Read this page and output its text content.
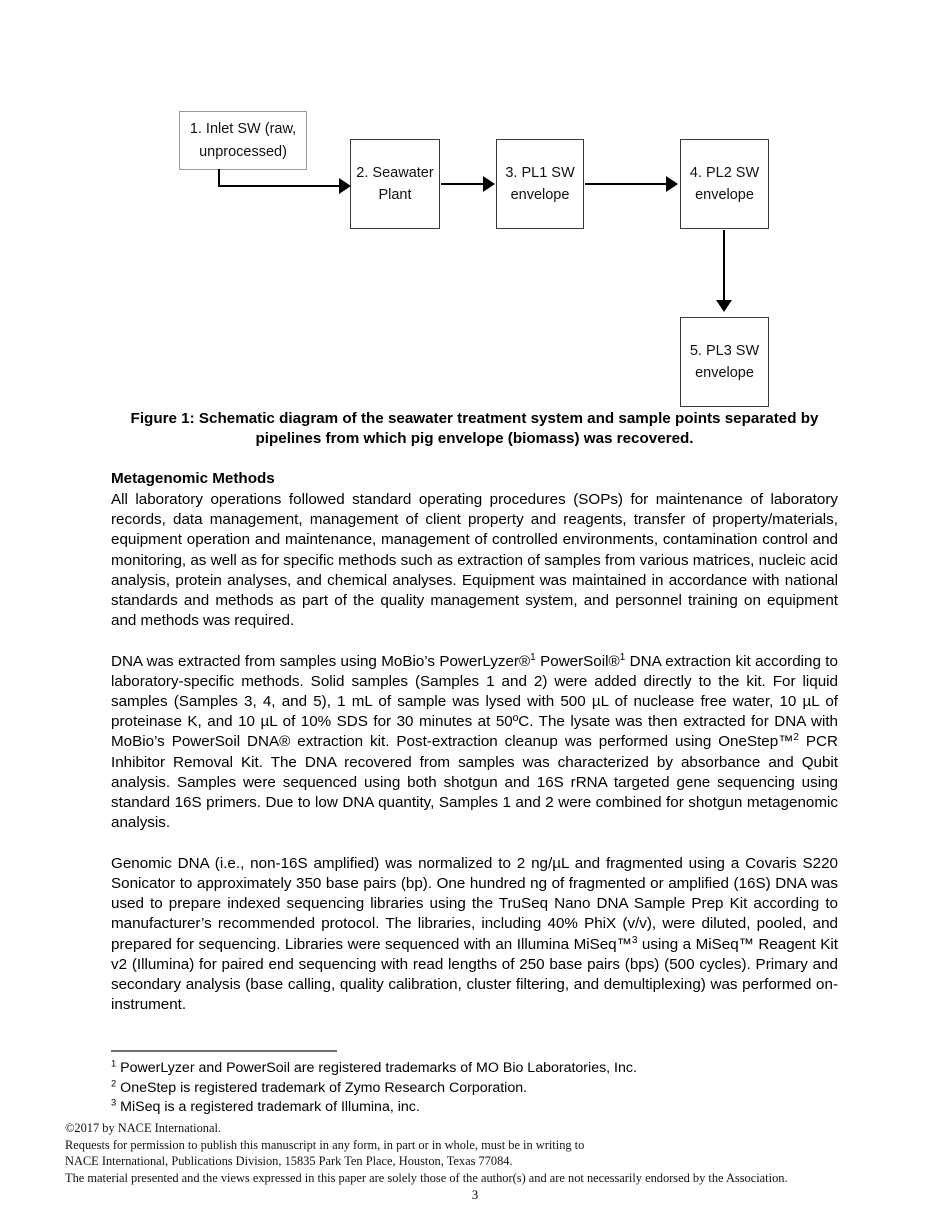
1. Inlet SW (raw, unprocessed)
2. Seawater Plant
3. PL1 SW envelope
4. PL2 SW envelope
5. PL3 SW envelope
Figure 1: Schematic diagram of the seawater treatment system and sample points separated by pipelines from which pig envelope (biomass) was recovered.
Metagenomic Methods

All laboratory operations followed standard operating procedures (SOPs) for maintenance of laboratory records, data management, management of client property and reagents, transfer of property/materials, equipment operation and maintenance, management of controlled environments, contamination control and monitoring, as well as for specific methods such as extraction of samples from various matrices, nucleic acid analysis, protein analyses, and chemical analyses. Equipment was maintained in accordance with national standards and methods as part of the quality management system, and personnel training on equipment and methods was required.

DNA was extracted from samples using MoBio’s PowerLyzer®$^1$ PowerSoil®$^1$ DNA extraction kit according to laboratory-specific methods. Solid samples (Samples 1 and 2) were added directly to the kit. For liquid samples (Samples 3, 4, and 5), 1 mL of sample was lysed with 500 µL of nuclease free water, 10 µL of proteinase K, and 10 µL of 10% SDS for 30 minutes at 50ºC. The lysate was then extracted for DNA with MoBio’s PowerSoil DNA® extraction kit. Post-extraction cleanup was performed using OneStep™$^2$ PCR Inhibitor Removal Kit. The DNA recovered from samples was characterized by absorbance and Qubit analysis. Samples were sequenced using both shotgun and 16S rRNA targeted gene sequencing using standard 16S primers. Due to low DNA quantity, Samples 1 and 2 were combined for shotgun metagenomic analysis.

Genomic DNA (i.e., non-16S amplified) was normalized to 2 ng/µL and fragmented using a Covaris S220 Sonicator to approximately 350 base pairs (bp). One hundred ng of fragmented or amplified (16S) DNA was used to prepare indexed sequencing libraries using the TruSeq Nano DNA Sample Prep Kit according to manufacturer’s recommended protocol. The libraries, including 40% PhiX (v/v), were diluted, pooled, and prepared for sequencing. Libraries were sequenced with an Illumina MiSeq™$^3$ using a MiSeq™ Reagent Kit v2 (Illumina) for paired end sequencing with read lengths of 250 base pairs (bps) (500 cycles). Primary and secondary analysis (base calling, quality calibration, cluster filtering, and demultiplexing) was performed on-instrument.

$^1$ PowerLyzer and PowerSoil are registered trademarks of MO Bio Laboratories, Inc.
$^2$ OneStep is registered trademark of Zymo Research Corporation.
$^3$ MiSeq is a registered trademark of Illumina, inc.
©2017 by NACE International.
Requests for permission to publish this manuscript in any form, in part or in whole, must be in writing to
NACE International, Publications Division, 15835 Park Ten Place, Houston, Texas 77084.
The material presented and the views expressed in this paper are solely those of the author(s) and are not necessarily endorsed by the Association.
3
